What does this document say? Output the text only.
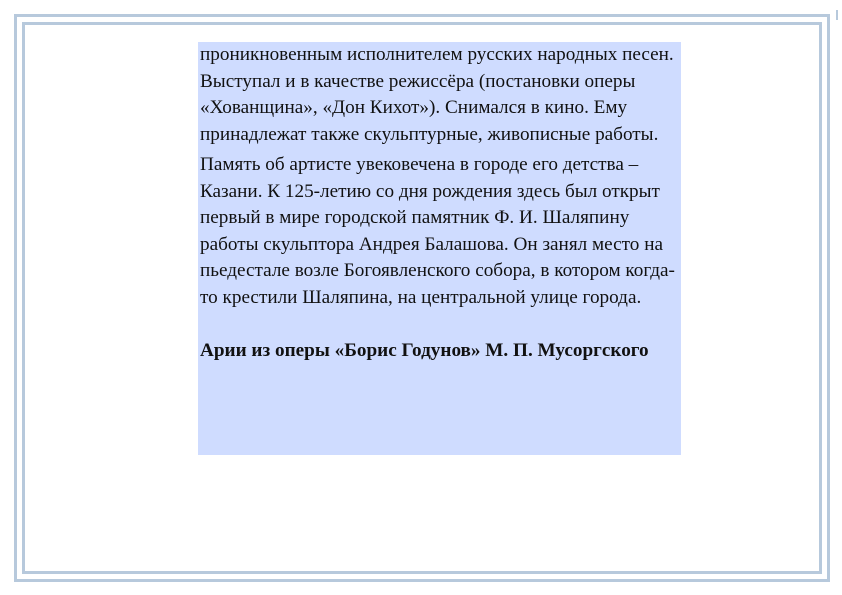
проникновенным исполнителем русских народных песен. Выступал и в качестве режиссёра (постановки оперы «Хованщина», «Дон Кихот»). Снимался в кино. Ему принадлежат также скульптурные, живописные работы.

Память об артисте увековечена в городе его детства – Казани. К 125-летию со дня рождения здесь был открыт первый в мире городской памятник Ф. И. Шаляпину работы скульптора Андрея Балашова. Он занял место на пьедестале возле Богоявленского собора, в котором когда-то крестили Шаляпина, на центральной улице города.

Арии из оперы «Борис Годунов» М. П. Мусоргского
